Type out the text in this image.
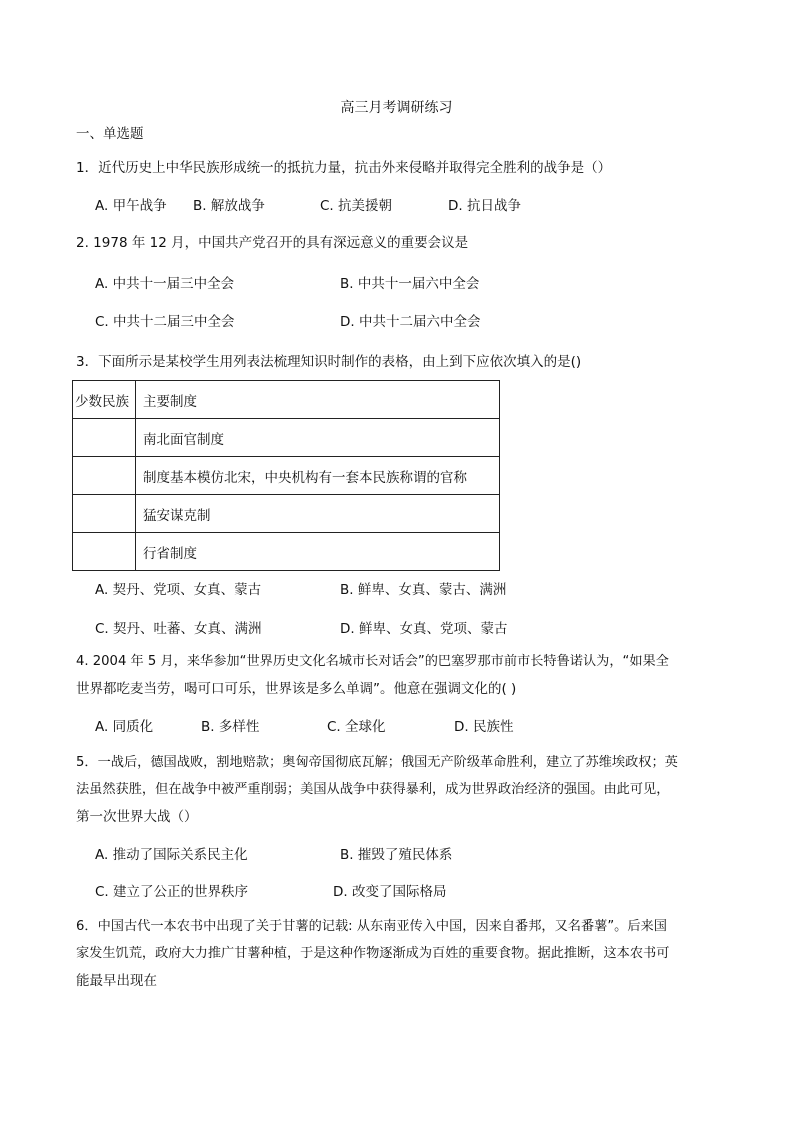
高三月考调研练习
一、单选题
1．近代历史上中华民族形成统一的抵抗力量，抗击外来侵略并取得完全胜利的战争是（）
A. 甲午战争 B. 解放战争	C. 抗美援朝	D. 抗日战争
2. 1978 年 12 月，中国共产党召开的具有深远意义的重要会议是
A. 中共十一届三中全会	B. 中共十一届六中全会
C. 中共十二届三中全会	D. 中共十二届六中全会
3．下面所示是某校学生用列表法梳理知识时制作的表格，由上到下应依次填入的是()
少数民族	主要制度
	南北面官制度
	制度基本模仿北宋，中央机构有一套本民族称谓的官称
	猛安谋克制
	行省制度
A. 契丹、党项、女真、蒙古	B. 鲜卑、女真、蒙古、满洲
C. 契丹、吐蕃、女真、满洲	D. 鲜卑、女真、党项、蒙古
4. 2004 年 5 月，来华参加“世界历史文化名城市长对话会”的巴塞罗那市前市长特鲁诺认为，“如果全
世界都吃麦当劳，喝可口可乐，世界该是多么单调”。他意在强调文化的( )
A. 同质化	B. 多样性	C. 全球化	D. 民族性
5．一战后，德国战败，割地赔款；奥匈帝国彻底瓦解；俄国无产阶级革命胜利，建立了苏维埃政权；英
法虽然获胜，但在战争中被严重削弱；美国从战争中获得暴利，成为世界政治经济的强国。由此可见，
第一次世界大战（）
A. 推动了国际关系民主化	B. 摧毁了殖民体系
C. 建立了公正的世界秩序	D. 改变了国际格局
6．中国古代一本农书中出现了关于甘薯的记载: 从东南亚传入中国，因来自番邦，又名番薯”。后来国
家发生饥荒，政府大力推广甘薯种植，于是这种作物逐渐成为百姓的重要食物。据此推断，这本农书可
能最早出现在
